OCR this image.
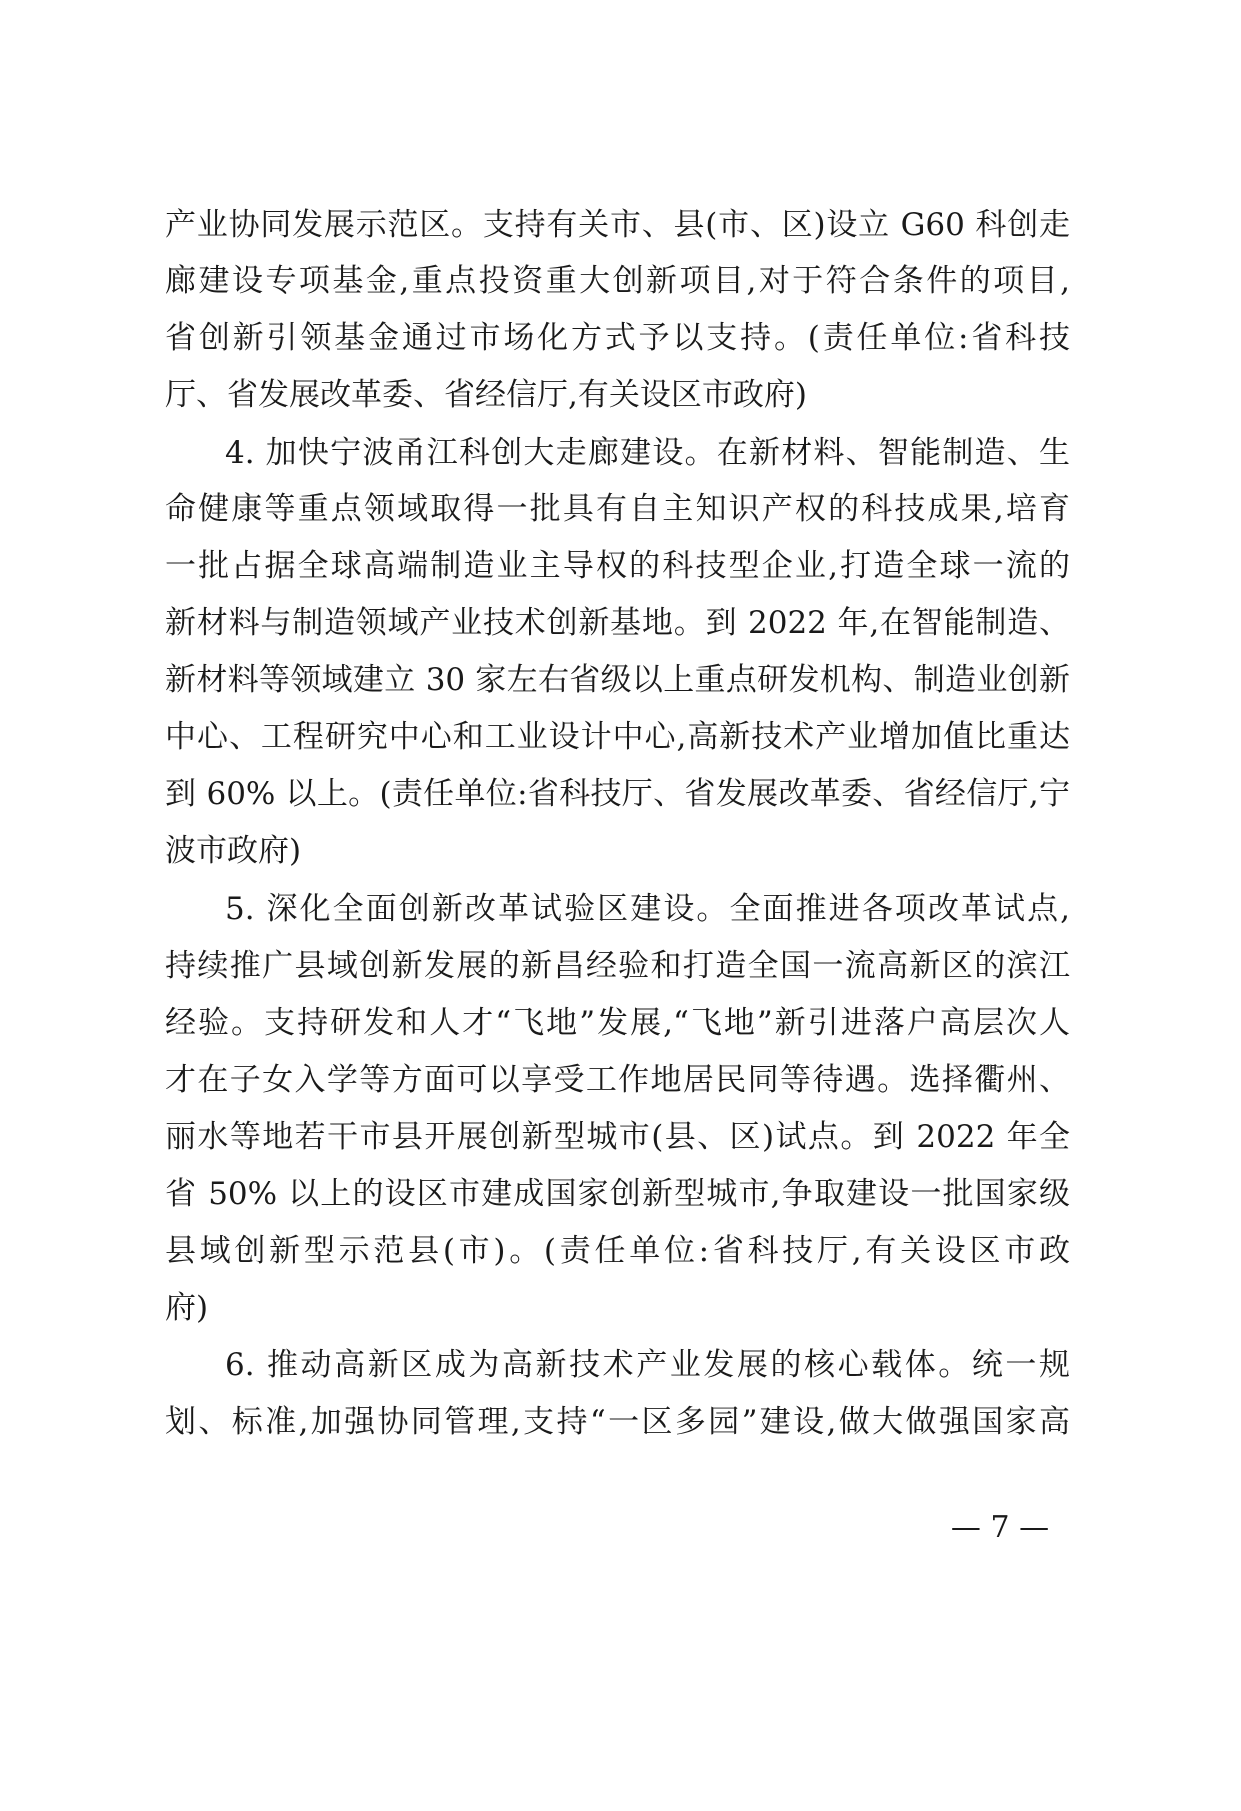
产业协同发展示范区。支持有关市、县(市、区)设立 G60 科创走
廊建设专项基金,重点投资重大创新项目,对于符合条件的项目,
省创新引领基金通过市场化方式予以支持。(责任单位:省科技
厅、省发展改革委、省经信厅,有关设区市政府)
4. 加快宁波甬江科创大走廊建设。在新材料、智能制造、生
命健康等重点领域取得一批具有自主知识产权的科技成果,培育
一批占据全球高端制造业主导权的科技型企业,打造全球一流的
新材料与制造领域产业技术创新基地。到 2022 年,在智能制造、
新材料等领域建立 30 家左右省级以上重点研发机构、制造业创新
中心、工程研究中心和工业设计中心,高新技术产业增加值比重达
到 60% 以上。(责任单位:省科技厅、省发展改革委、省经信厅,宁
波市政府)
5. 深化全面创新改革试验区建设。全面推进各项改革试点,
持续推广县域创新发展的新昌经验和打造全国一流高新区的滨江
经验。支持研发和人才“飞地”发展,“飞地”新引进落户高层次人
才在子女入学等方面可以享受工作地居民同等待遇。选择衢州、
丽水等地若干市县开展创新型城市(县、区)试点。到 2022 年全
省 50% 以上的设区市建成国家创新型城市,争取建设一批国家级
县域创新型示范县(市)。(责任单位:省科技厅,有关设区市政
府)
6. 推动高新区成为高新技术产业发展的核心载体。统一规
划、标准,加强协同管理,支持“一区多园”建设,做大做强国家高
— 7 —
